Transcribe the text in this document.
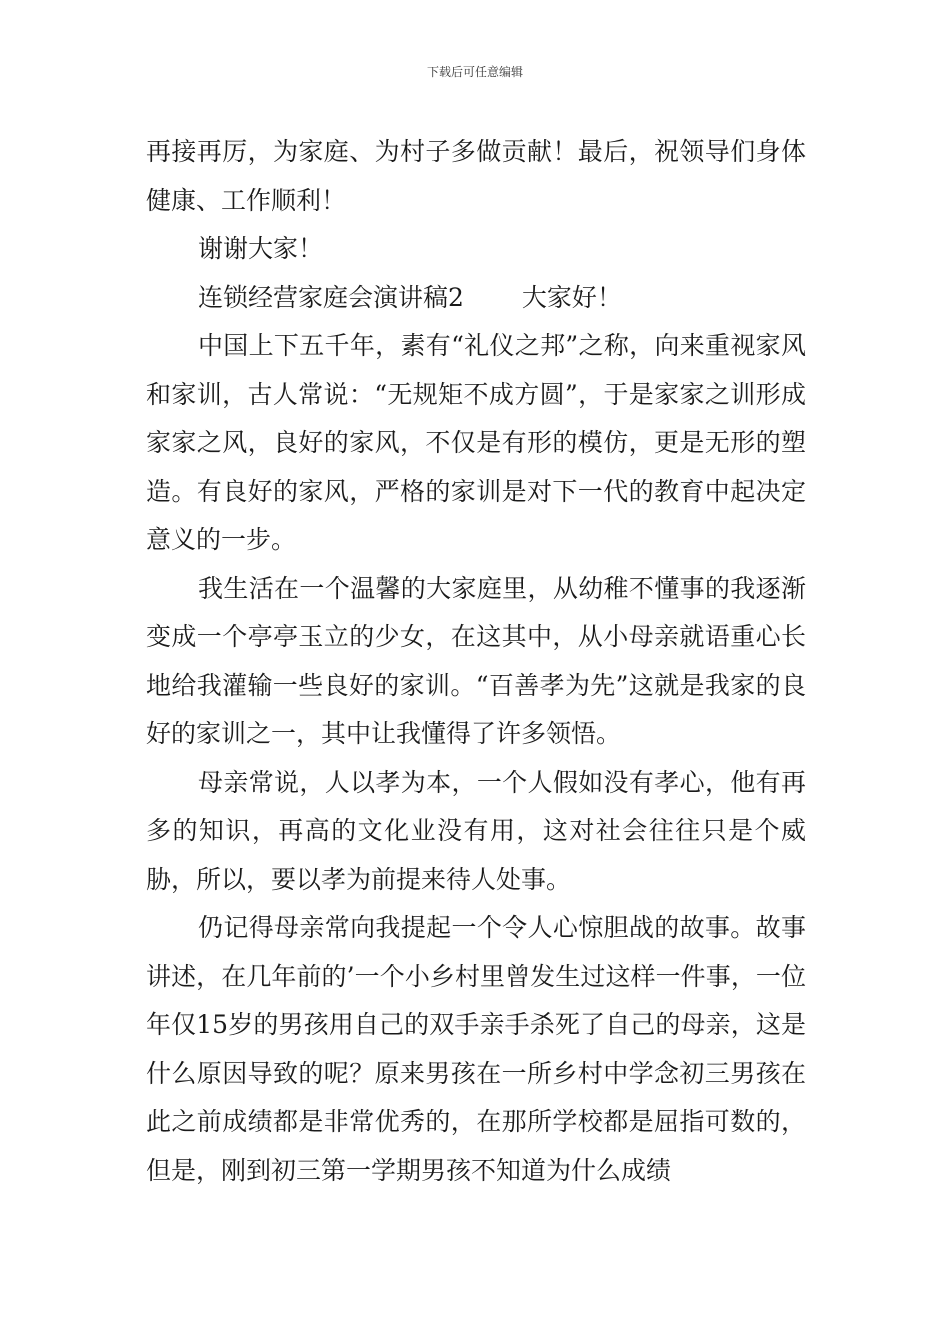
下载后可任意编辑

再接再厉，为家庭、为村子多做贡献！最后，祝领导们身体健康、工作顺利！

谢谢大家！

连锁经营家庭会演讲稿2　　 大家好！

中国上下五千年，素有“礼仪之邦”之称，向来重视家风和家训，古人常说：“无规矩不成方圆”，于是家家之训形成家家之风，良好的家风，不仅是有形的模仿，更是无形的塑造。有良好的家风，严格的家训是对下一代的教育中起决定意义的一步。

我生活在一个温馨的大家庭里，从幼稚不懂事的我逐渐变成一个亭亭玉立的少女，在这其中，从小母亲就语重心长地给我灌输一些良好的家训。“百善孝为先”这就是我家的良好的家训之一，其中让我懂得了许多领悟。

母亲常说，人以孝为本，一个人假如没有孝心，他有再多的知识，再高的文化业没有用，这对社会往往只是个威胁，所以，要以孝为前提来待人处事。

仍记得母亲常向我提起一个令人心惊胆战的故事。故事讲述，在几年前的’一个小乡村里曾发生过这样一件事，一位年仅15岁的男孩用自己的双手亲手杀死了自己的母亲，这是什么原因导致的呢？原来男孩在一所乡村中学念初三男孩在此之前成绩都是非常优秀的，在那所学校都是屈指可数的，但是，刚到初三第一学期男孩不知道为什么成绩
